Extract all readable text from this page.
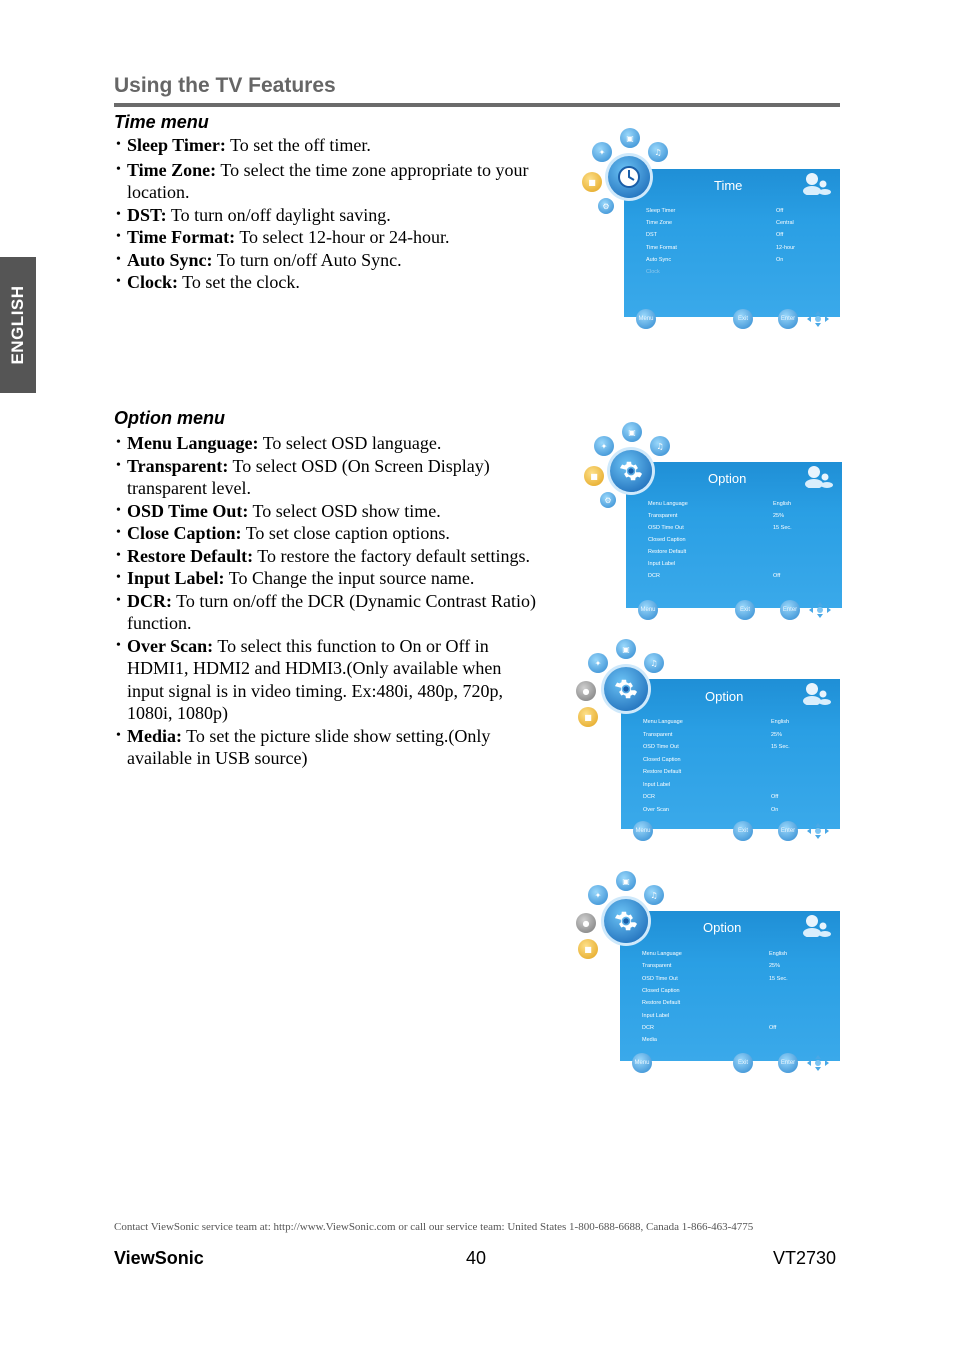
Using the TV Features
ENGLISH
Time menu
• Sleep Timer: To set the off timer.
• Time Zone: To select the time zone appropriate to your location.
• DST: To turn on/off daylight saving.
• Time Format: To select 12-hour or 24-hour.
• Auto Sync: To turn on/off Auto Sync.
• Clock: To set the clock.
Option menu
• Menu Language: To select OSD language.
• Transparent: To select OSD (On Screen Display) transparent level.
• OSD Time Out: To select OSD show time.
• Close Caption: To set close caption options.
• Restore Default: To restore the factory default settings.
• Input Label: To Change the input source name.
• DCR: To turn on/off the DCR (Dynamic Contrast Ratio) function.
• Over Scan: To select this function to On or Off in HDMI1, HDMI2 and HDMI3.(Only available when input signal is in video timing. Ex:480i, 480p, 720p, 1080i, 1080p)
• Media: To set the picture slide show setting.(Only available in USB source)
Time
Sleep Timer	Off
Time Zone	Central
DST	Off
Time Format	12-hour
Auto Sync	On
Clock
▣
✦	♫
■
⚙
Menu	Exit	Enter
Option
Menu Language	English
Transparent	25%
OSD Time Out	15 Sec.
Closed Caption
Restore Default
Input Label
DCR	Off
▣
✦	♫
■
⚙
Menu	Exit	Enter
Option
Menu Language	English
Transparent	25%
OSD Time Out	15 Sec.
Closed Caption
Restore Default
Input Label
DCR	Off
Over Scan	On
▣
✦	♫
■
●
Menu	Exit	Enter
Option
Menu Language	English
Transparent	25%
OSD Time Out	15 Sec.
Closed Caption
Restore Default
Input Label
DCR	Off
Media
▣
✦	♫
■
●
Menu	Exit	Enter
Contact ViewSonic service team at: http://www.ViewSonic.com or call our service team: United States 1-800-688-6688, Canada 1-866-463-4775
ViewSonic	40	VT2730
